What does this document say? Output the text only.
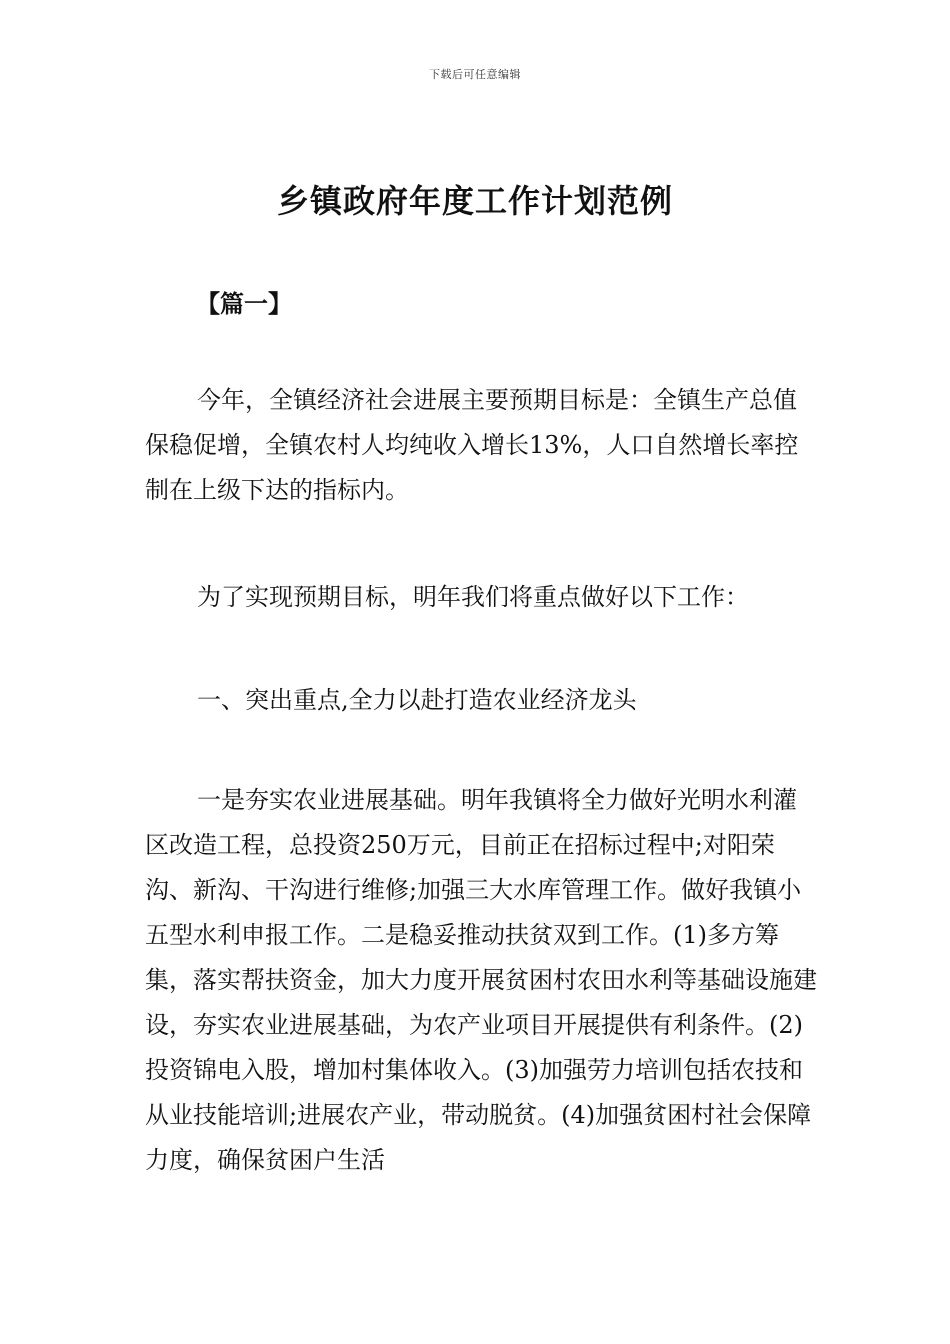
下载后可任意编辑
乡镇政府年度工作计划范例
【篇一】

今年，全镇经济社会进展主要预期目标是：全镇生产总值保稳促增，全镇农村人均纯收入增长13%，人口自然增长率控制在上级下达的指标内。

为了实现预期目标，明年我们将重点做好以下工作：

一、突出重点,全力以赴打造农业经济龙头

一是夯实农业进展基础。明年我镇将全力做好光明水利灌区改造工程，总投资250万元，目前正在招标过程中;对阳荣沟、新沟、干沟进行维修;加强三大水库管理工作。做好我镇小五型水利申报工作。二是稳妥推动扶贫双到工作。(1)多方筹集，落实帮扶资金，加大力度开展贫困村农田水利等基础设施建设，夯实农业进展基础，为农产业项目开展提供有利条件。(2)投资锦电入股，增加村集体收入。(3)加强劳力培训包括农技和从业技能培训;进展农产业，带动脱贫。(4)加强贫困村社会保障力度，确保贫困户生活
